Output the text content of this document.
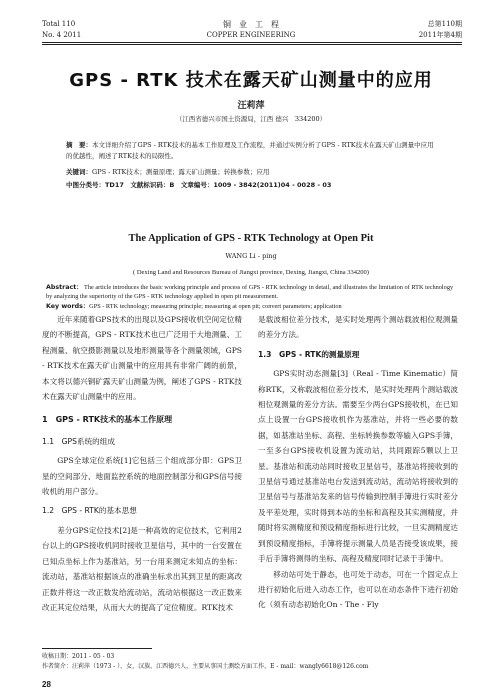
Total 110
No. 4 2011
铜　业　工　程
COPPER ENGINEERING
总第110期
2011年第4期
GPS - RTK 技术在露天矿山测量中的应用
汪莉萍
（江西省德兴市国土资源局，江西 德兴　334200）
摘　要：本文详细介绍了GPS - RTK技术的基本工作原理及工作流程，并通过实例分析了GPS - RTK技术在露天矿山测量中应用的优越性，阐述了RTK技术的局限性。
关键词：GPS - RTK技术；测量原理；露天矿山测量；转换参数；应用
中图分类号：TD17　文献标识码：B　文章编号：1009 - 3842(2011)04 - 0028 - 03
The Application of GPS - RTK Technology at Open Pit
WANG Li - ping
( Dexing Land and Resources Bureau of Jiangxi province, Dexing, Jiangxi, China 334200)
Abstract： The article introduces the basic working principle and process of GPS - RTK technology in detail, and illustrates the limitation of RTK technology by analyzing the superiority of the GPS - RTK technology applied in open pit measurement.
Key words：GPS - RTK technology; measuring principle; measuring at open pit; convert parameters; application

近年来随着GPS技术的出现以及GPS接收机空间定位精度的不断提高，GPS - RTK技术也已广泛用于大地测量、工程测量、航空摄影测量以及地形测量等各个测量领域，GPS - RTK技术在露天矿山测量中的应用具有非常广阔的前景，本文将以德兴铜矿露天矿山测量为例，阐述了GPS - RTK技术在露天矿山测量中的应用。

1　GPS - RTK技术的基本工作原理
1.1　GPS系统的组成

GPS全球定位系统[1]它包括三个组成部分即：GPS卫星的空间部分、地面监控系统的地面控制部分和GPS信号接收机的用户部分。

1.2　GPS - RTK的基本思想

差分GPS定位技术[2]是一种高效的定位技术，它利用2台以上的GPS接收机同时接收卫星信号，其中的一台安置在已知点坐标上作为基准站，另一台用来测定未知点的坐标：流动站，基准站根据该点的准确坐标求出其到卫星的距离改正数并将这一改正数发给流动站，流动站根据这一改正数来改正其定位结果，从而大大的提高了定位精度。RTK技术

是载波相位差分技术，是实时处理两个测站载波相位观测量的差分方法。

1.3　GPS - RTK的测量原理

GPS实时动态测量[3]（Real - Time Kinematic）简称RTK，又称载波相位差分技术，是实时处理两个测站载波相位观测量的差分方法。需要至少两台GPS接收机，在已知点上设置一台GPS接收机作为基准站，并将一些必要的数据，如基准站坐标、高程、坐标转换参数等输入GPS手簿，一至多台GPS接收机设置为流动站，共同跟踪5颗以上卫星。基准站和流动站同时接收卫星信号，基准站将接收到的卫星信号通过基准站电台发送到流动站，流动站将接收到的卫星信号与基准站发来的信号传输到控制手簿进行实时差分及平差处理，实时得到本站的坐标和高程及其实测精度，并随时将实测精度和预设精度指标进行比较，一旦实测精度达到预设精度指标，手簿将提示测量人员是否接受该成果，接手后手簿将测得的坐标、高程及精度同时记录于手簿中。

移动站可处于静态，也可处于动态，可在一个固定点上进行初始化后进入动态工作，也可以在动态条件下进行初始化（须有动态初始化On - The - Fly

收稿日期：2011 - 05 - 03
作者简介：汪莉萍（1973 - ），女，汉族，江西德兴人，主要从事国土测绘方面工作，E - mail：wangly6618@126.com
28
